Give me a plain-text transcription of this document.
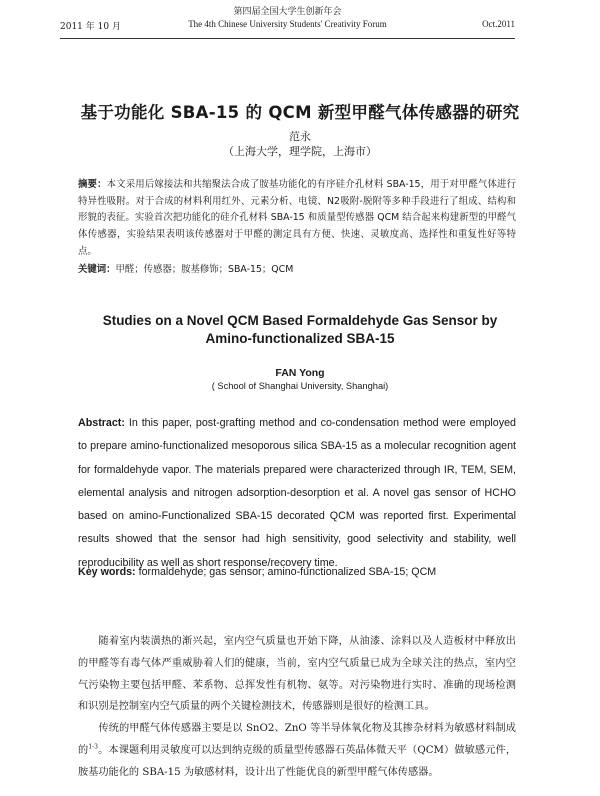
2011 年 10 月
第四届全国大学生创新年会
The 4th Chinese University Students' Creativity Forum	Oct.2011
基于功能化 SBA-15 的 QCM 新型甲醛气体传感器的研究
范永
（上海大学，理学院，上海市）
摘要：本文采用后嫁接法和共缩聚法合成了胺基功能化的有序硅介孔材料 SBA-15，用于对甲醛气体进行特异性吸附。对于合成的材料利用红外、元素分析、电镜、N2吸附-脱附等多种手段进行了组成、结构和形貌的表征。实验首次把功能化的硅介孔材料 SBA-15 和质量型传感器 QCM 结合起来构建新型的甲醛气体传感器，实验结果表明该传感器对于甲醛的测定具有方便、快速、灵敏度高、选择性和重复性好等特点。
关键词：甲醛；传感器；胺基修饰；SBA-15；QCM
Studies on a Novel QCM Based Formaldehyde Gas Sensor by
Amino-functionalized SBA-15
FAN Yong
( School of Shanghai University, Shanghai)
Abstract: In this paper, post-grafting method and co-condensation method were employed to prepare amino-functionalized mesoporous silica SBA-15 as a molecular recognition agent for formaldehyde vapor. The materials prepared were characterized through IR, TEM, SEM, elemental analysis and nitrogen adsorption-desorption et al. A novel gas sensor of HCHO based on amino-Functionalized SBA-15 decorated QCM was reported first. Experimental results showed that the sensor had high sensitivity, good selectivity and stability, well reproducibility as well as short response/recovery time.
Key words: formaldehyde; gas sensor; amino-functionalized SBA-15; QCM

随着室内装潢热的渐兴起，室内空气质量也开始下降，从油漆、涂料以及人造板材中释放出的甲醛等有毒气体严重威胁着人们的健康，当前，室内空气质量已成为全球关注的热点，室内空气污染物主要包括甲醛、苯系物、总挥发性有机物、氨等。对污染物进行实时、准确的现场检测和识别是控制室内空气质量的两个关键检测技术，传感器则是很好的检测工具。

传统的甲醛气体传感器主要是以 SnO2、ZnO 等半导体氧化物及其掺杂材料为敏感材料制成的$^{1-3}$。本课题利用灵敏度可以达到纳克级的质量型传感器石英晶体微天平（QCM）做敏感元件，胺基功能化的 SBA-15 为敏感材料，设计出了性能优良的新型甲醛气体传感器。
